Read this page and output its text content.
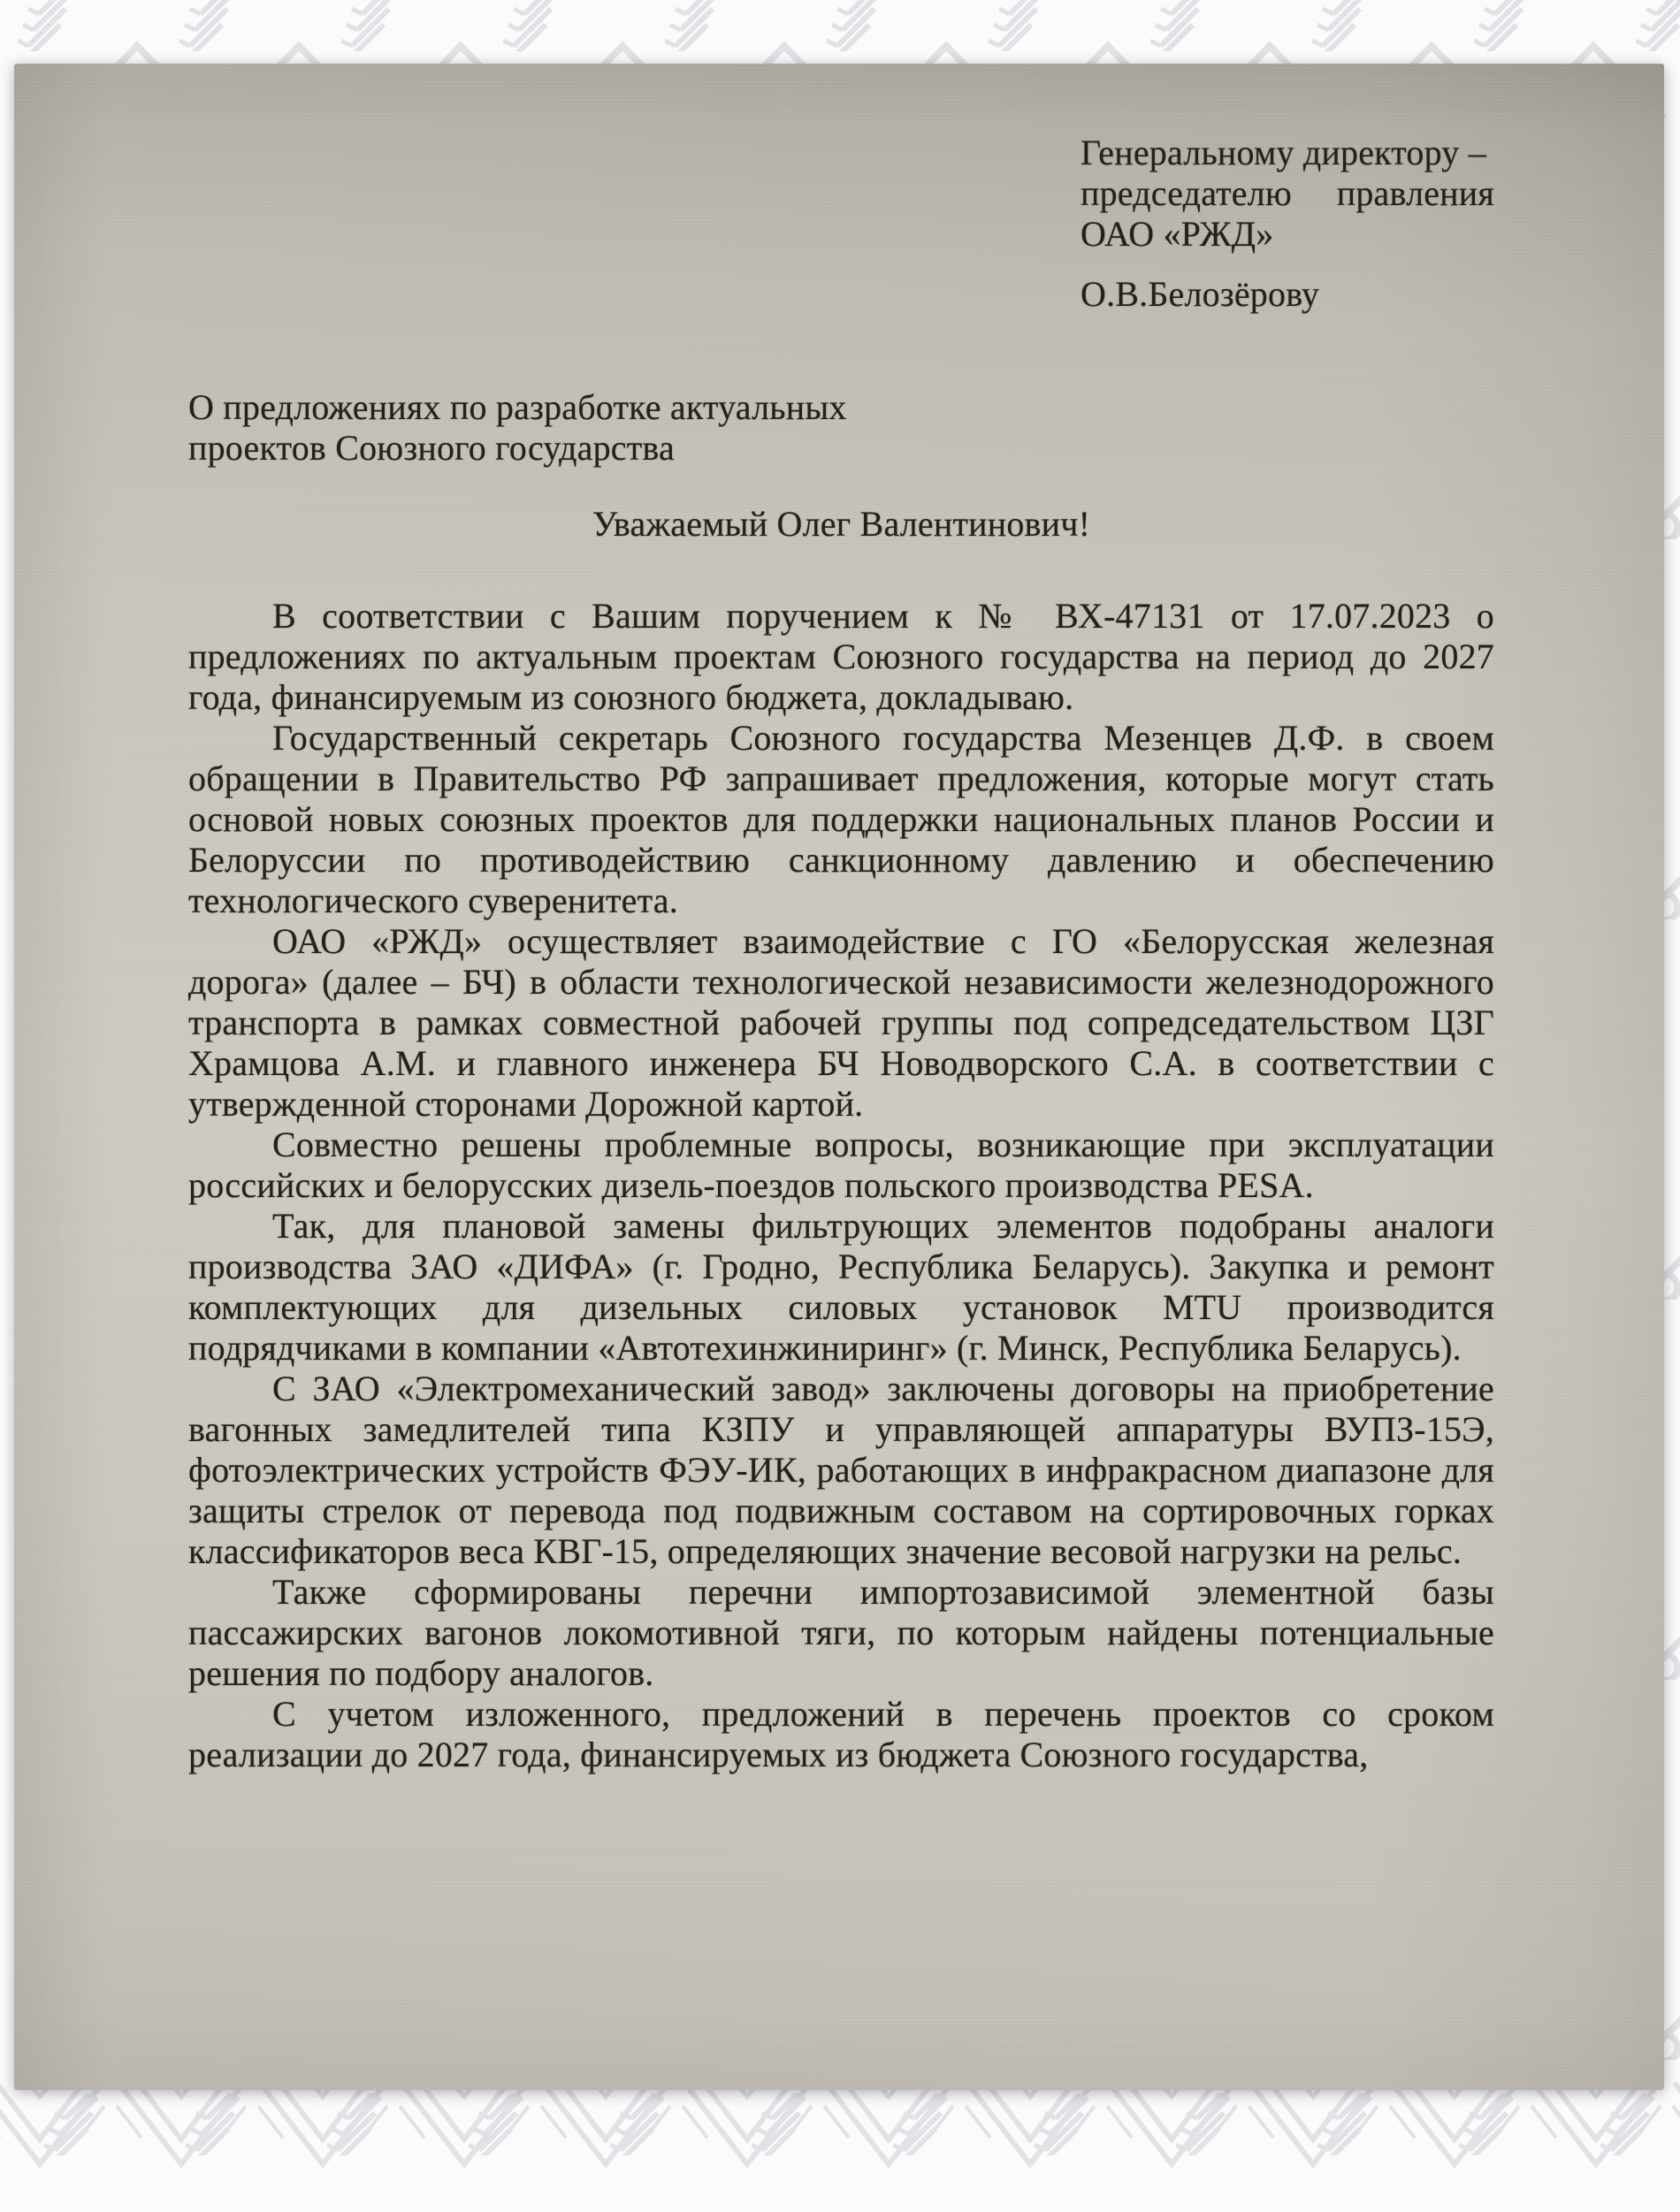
Генеральному директору –
председателю правления
ОАО «РЖД»
О.В.Белозёрову
О предложениях по разработке актуальных проектов Союзного государства
Уважаемый Олег Валентинович!

В соответствии с Вашим поручением к № ВХ-47131 от 17.07.2023 о предложениях по актуальным проектам Союзного государства на период до 2027 года, финансируемым из союзного бюджета, докладываю.

Государственный секретарь Союзного государства Мезенцев Д.Ф. в своем обращении в Правительство РФ запрашивает предложения, которые могут стать основой новых союзных проектов для поддержки национальных планов России и Белоруссии по противодействию санкционному давлению и обеспечению технологического суверенитета.

ОАО «РЖД» осуществляет взаимодействие с ГО «Белорусская железная дорога» (далее – БЧ) в области технологической независимости железнодорожного транспорта в рамках совместной рабочей группы под сопредседательством ЦЗГ Храмцова А.М. и главного инженера БЧ Новодворского С.А. в соответствии с утвержденной сторонами Дорожной картой.

Совместно решены проблемные вопросы, возникающие при эксплуатации российских и белорусских дизель-поездов польского производства PESA.

Так, для плановой замены фильтрующих элементов подобраны аналоги производства ЗАО «ДИФА» (г. Гродно, Республика Беларусь). Закупка и ремонт комплектующих для дизельных силовых установок MTU производится подрядчиками в компании «Автотехинжиниринг» (г. Минск, Республика Беларусь).

С ЗАО «Электромеханический завод» заключены договоры на приобретение вагонных замедлителей типа КЗПУ и управляющей аппаратуры ВУПЗ-15Э, фотоэлектрических устройств ФЭУ-ИК, работающих в инфракрасном диапазоне для защиты стрелок от перевода под подвижным составом на сортировочных горках классификаторов веса КВГ-15, определяющих значение весовой нагрузки на рельс.

Также сформированы перечни импортозависимой элементной базы пассажирских вагонов локомотивной тяги, по которым найдены потенциальные решения по подбору аналогов.

С учетом изложенного, предложений в перечень проектов со сроком реализации до 2027 года, финансируемых из бюджета Союзного государства,
